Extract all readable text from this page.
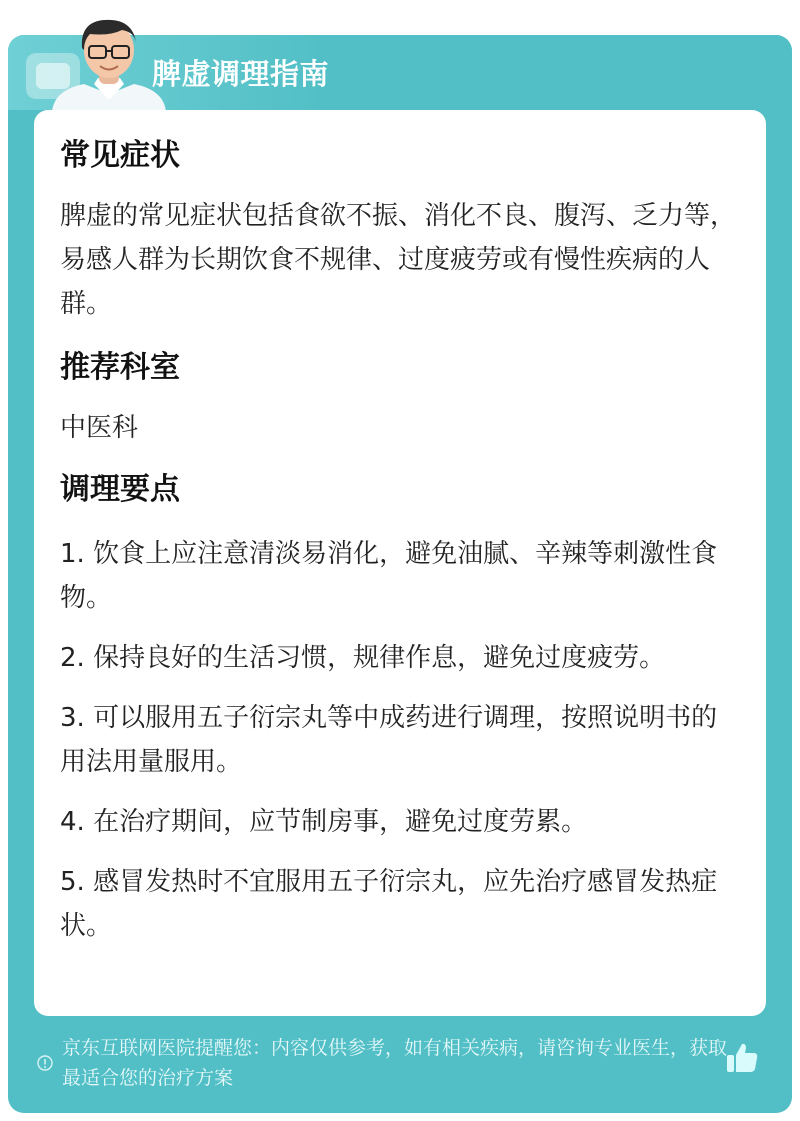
脾虚调理指南
常见症状

脾虚的常见症状包括食欲不振、消化不良、腹泻、乏力等，易感人群为长期饮食不规律、过度疲劳或有慢性疾病的人群。

推荐科室

中医科

调理要点

1. 饮食上应注意清淡易消化，避免油腻、辛辣等刺激性食物。

2. 保持良好的生活习惯，规律作息，避免过度疲劳。

3. 可以服用五子衍宗丸等中成药进行调理，按照说明书的用法用量服用。

4. 在治疗期间，应节制房事，避免过度劳累。

5. 感冒发热时不宜服用五子衍宗丸，应先治疗感冒发热症状。

京东互联网医院提醒您：内容仅供参考，如有相关疾病，请咨询专业医生，获取最适合您的治疗方案
